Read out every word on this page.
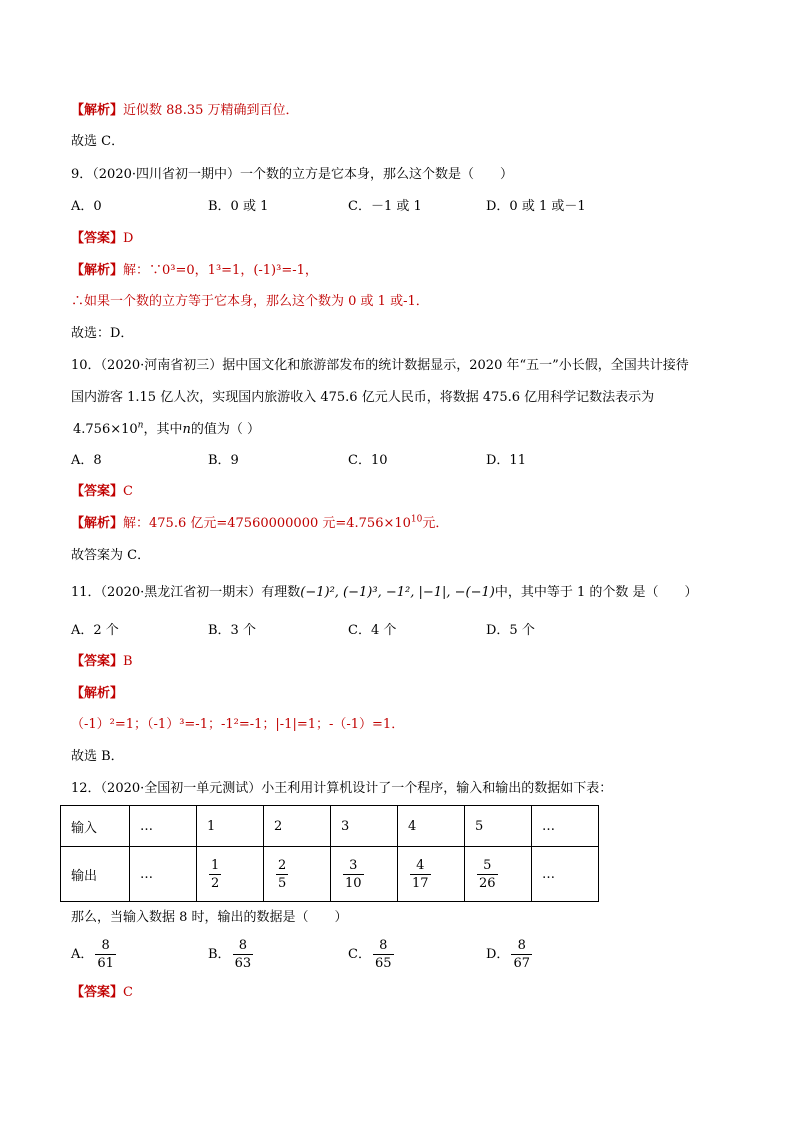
【解析】近似数 88.35 万精确到百位．
故选 C．
9．（2020·四川省初一期中）一个数的立方是它本身，那么这个数是（　　）
A．0	B．0 或 1	C．－1 或 1	D．0 或 1 或－1
【答案】D
【解析】解：∵0³=0，1³=1，(-1)³=-1，
∴如果一个数的立方等于它本身，那么这个数为 0 或 1 或-1．
故选：D．
10．（2020·河南省初三）据中国文化和旅游部发布的统计数据显示，2020 年“五一”小长假，全国共计接待
国内游客 1.15 亿人次，实现国内旅游收入 475.6 亿元人民币，将数据 475.6 亿用科学记数法表示为
$4.756\times 10^n$，其中n的值为（ ）
A．8	B．9	C．10	D．11
【答案】C
【解析】解：475.6 亿元=47560000000 元$=4.756\times 10^{10}$元．
故答案为 C．
11．（2020·黑龙江省初一期末）有理数(−1)², (−1)³, −1², |−1|, −(−1)中，其中等于 1 的个数 是（　　）
A．2 个	B．3 个	C．4 个	D．5 个
【答案】B
【解析】
（-1）²=1；（-1）³=-1；-1²=-1；|-1|=1；-（-1）=1．
故选 B．
12．（2020·全国初一单元测试）小王利用计算机设计了一个程序，输入和输出的数据如下表：
输入	…	1	2	3	4	5	…
输出	…	$\frac{1}{2}$	$\frac{2}{5}$	$\frac{3}{10}$	$\frac{4}{17}$	$\frac{5}{26}$	…
那么，当输入数据 8 时，输出的数据是（　　）
A． $\frac{8}{61}$	B． $\frac{8}{63}$	C． $\frac{8}{65}$	D． $\frac{8}{67}$
【答案】C
